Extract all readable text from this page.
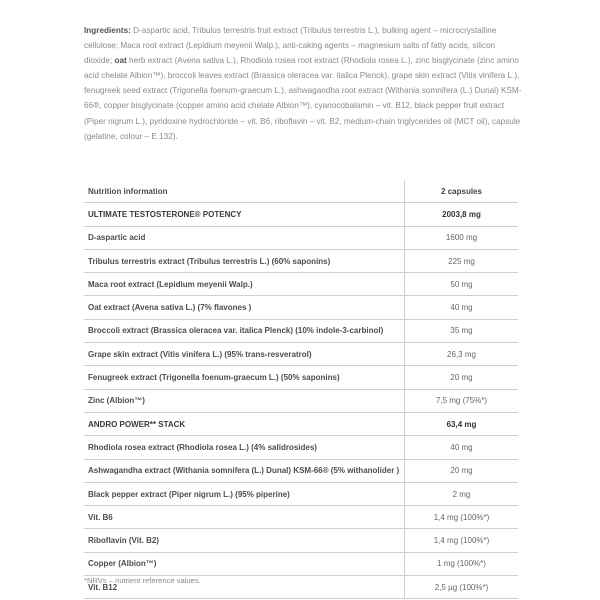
Ingredients: D-aspartic acid, Tribulus terrestris fruit extract (Tribulus terrestris L.), bulking agent – microcrystalline cellulose; Maca root extract (Lepidium meyenii Walp.), anti-caking agents – magnesium salts of fatty acids, silicon dioxide; oat herb extract (Avena sativa L.), Rhodiola rosea root extract (Rhodiola rosea L.), zinc bisglycinate (zinc amino acid chelate Albion™), broccoli leaves extract (Brassica oleracea var. italica Plenck), grape skin extract (Vitis vinifera L.), fenugreek seed extract (Trigonella foenum-graecum L.), ashwagandha root extract (Withania somnifera (L.) Dunal) KSM-66®, copper bisglycinate (copper amino acid chelate Albion™), cyanocobalamin – vit. B12, black pepper fruit extract (Piper nigrum L.), pyridoxine hydrochloride – vit. B6, riboflavin – vit. B2, medium-chain triglycerides oil (MCT oil), capsule (gelatine, colour – E 132).
Nutrition information	2 capsules
ULTIMATE TESTOSTERONE® POTENCY	2003,8 mg
D-aspartic acid	1600 mg
Tribulus terrestris extract (Tribulus terrestris L.) (60% saponins)	225 mg
Maca root extract (Lepidium meyenii Walp.)	50 mg
Oat extract (Avena sativa L.) (7% flavones )	40 mg
Broccoli extract (Brassica oleracea var. italica Plenck) (10% indole-3-carbinol)	35 mg
Grape skin extract (Vitis vinifera L.) (95% trans-resveratrol)	26,3 mg
Fenugreek extract (Trigonella foenum-graecum L.) (50% saponins)	20 mg
Zinc (Albion™)	7,5 mg (75%*)
ANDRO POWER** STACK	63,4 mg
Rhodiola rosea extract (Rhodiola rosea L.) (4% salidrosides)	40 mg
Ashwagandha extract (Withania somnifera (L.) Dunal) KSM-66® (5% withanolider )	20 mg
Black pepper extract (Piper nigrum L.) (95% piperine)	2 mg
Vit. B6	1,4 mg (100%*)
Riboflavin (Vit. B2)	1,4 mg (100%*)
Copper (Albion™)	1 mg (100%*)
Vit. B12	2,5 µg (100%*)
*NRVs – nutrient reference values.
